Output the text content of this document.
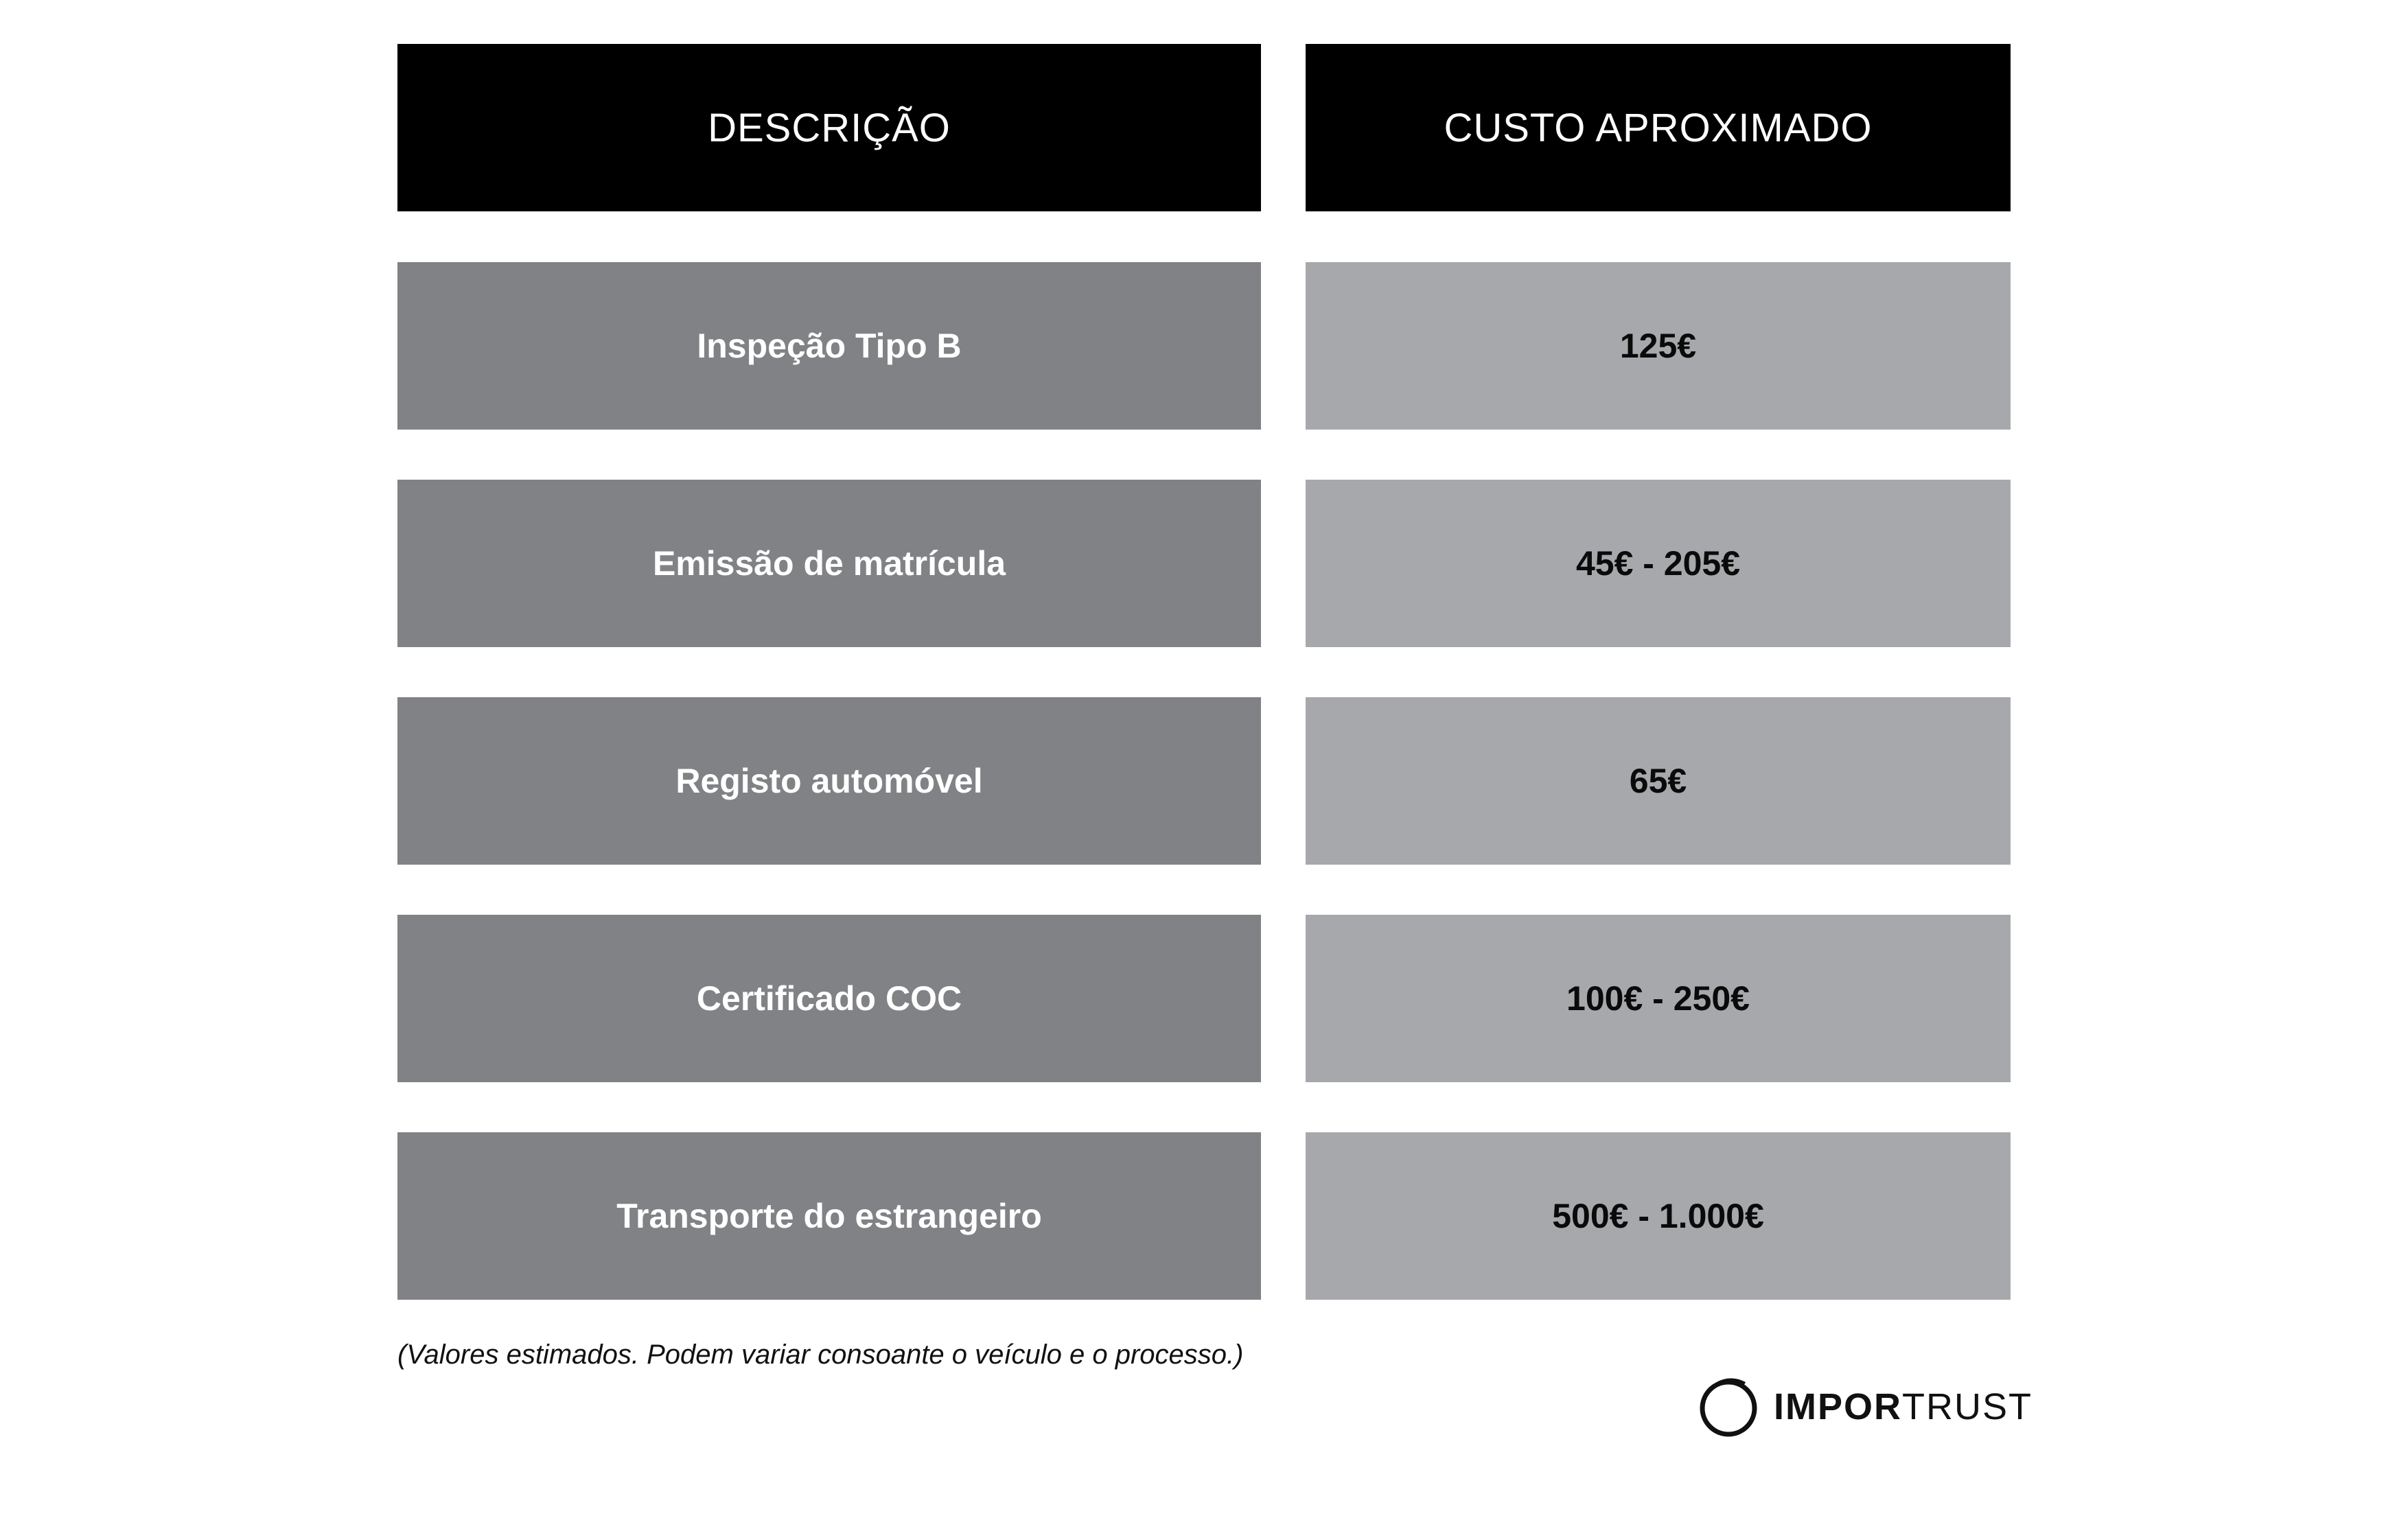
DESCRIÇÃO	CUSTO APROXIMADO
Inspeção Tipo B	125€
Emissão de matrícula	45€ - 205€
Registo automóvel	65€
Certificado COC	100€ - 250€
Transporte do estrangeiro	500€ - 1.000€
(Valores estimados. Podem variar consoante o veículo e o processo.)
IMPORTRUST
